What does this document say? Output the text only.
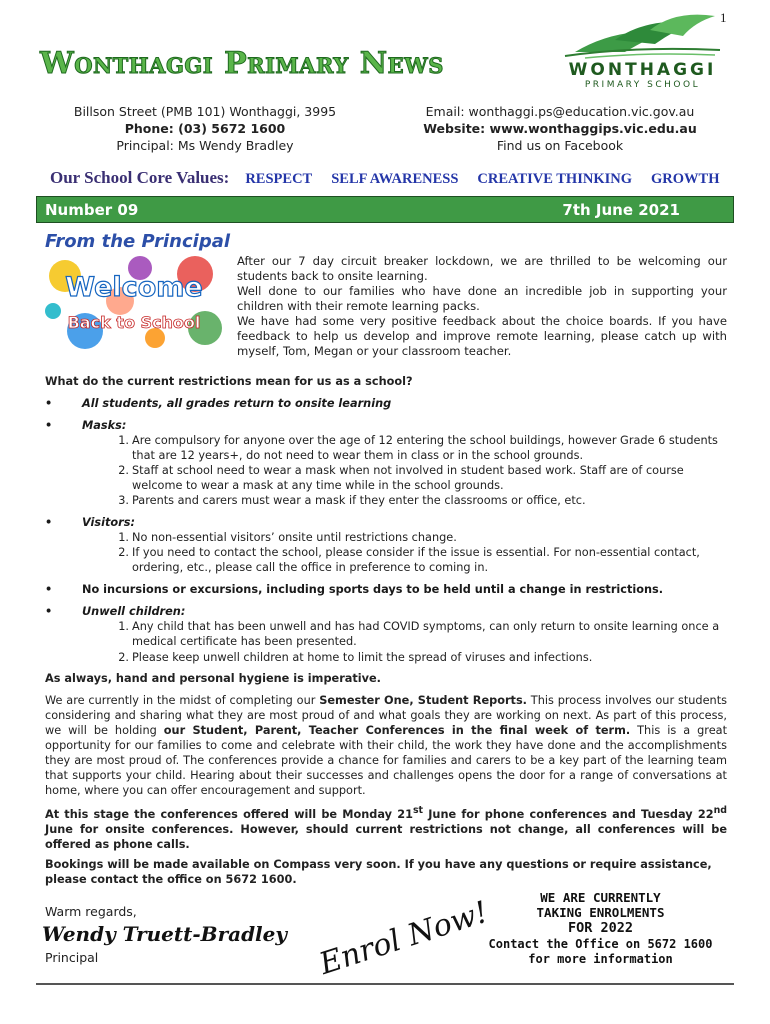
1
Wonthaggi Primary News	WONTHAGGI
PRIMARY SCHOOL
Billson Street (PMB 101) Wonthaggi, 3995
Phone: (03) 5672 1600
Principal: Ms Wendy Bradley
Email: wonthaggi.ps@education.vic.gov.au
Website: www.wonthaggips.vic.edu.au
Find us on Facebook
Our School Core Values: RESPECT SELF AWARENESS CREATIVE THINKING GROWTH
Number 09	7th June 2021
From the Principal
Welcome
Back to School

After our 7 day circuit breaker lockdown, we are thrilled to be welcoming our students back to onsite learning.

Well done to our families who have done an incredible job in supporting your children with their remote learning packs.

We have had some very positive feedback about the choice boards. If you have feedback to help us develop and improve remote learning, please catch up with myself, Tom, Megan or your classroom teacher.

What do the current restrictions mean for us as a school?
•	All students, all grades return to onsite learning
•	Masks:
1. Are compulsory for anyone over the age of 12 entering the school buildings, however Grade 6 students that are 12 years+, do not need to wear them in class or in the school grounds.
2. Staff at school need to wear a mask when not involved in student based work. Staff are of course welcome to wear a mask at any time while in the school grounds.
3. Parents and carers must wear a mask if they enter the classrooms or office, etc.
•	Visitors:
1. No non-essential visitors’ onsite until restrictions change.
2. If you need to contact the school, please consider if the issue is essential. For non-essential contact, ordering, etc., please call the office in preference to coming in.
•	No incursions or excursions, including sports days to be held until a change in restrictions.
•	Unwell children:
1. Any child that has been unwell and has had COVID symptoms, can only return to onsite learning once a medical certificate has been presented.
2. Please keep unwell children at home to limit the spread of viruses and infections.
As always, hand and personal hygiene is imperative.
We are currently in the midst of completing our Semester One, Student Reports. This process involves our students considering and sharing what they are most proud of and what goals they are working on next. As part of this process, we will be holding our Student, Parent, Teacher Conferences in the final week of term. This is a great opportunity for our families to come and celebrate with their child, the work they have done and the accomplishments they are most proud of. The conferences provide a chance for families and carers to be a key part of the learning team that supports your child. Hearing about their successes and challenges opens the door for a range of conversations at home, where you can offer encouragement and support.
At this stage the conferences offered will be Monday 21st June for phone conferences and Tuesday 22nd June for onsite conferences. However, should current restrictions not change, all conferences will be offered as phone calls.
Bookings will be made available on Compass very soon. If you have any questions or require assistance, please contact the office on 5672 1600.
Warm regards,
Wendy Truett-Bradley
Principal	Enrol Now!	WE ARE CURRENTLY
TAKING ENROLMENTS
FOR 2022
Contact the Office on 5672 1600
for more information
